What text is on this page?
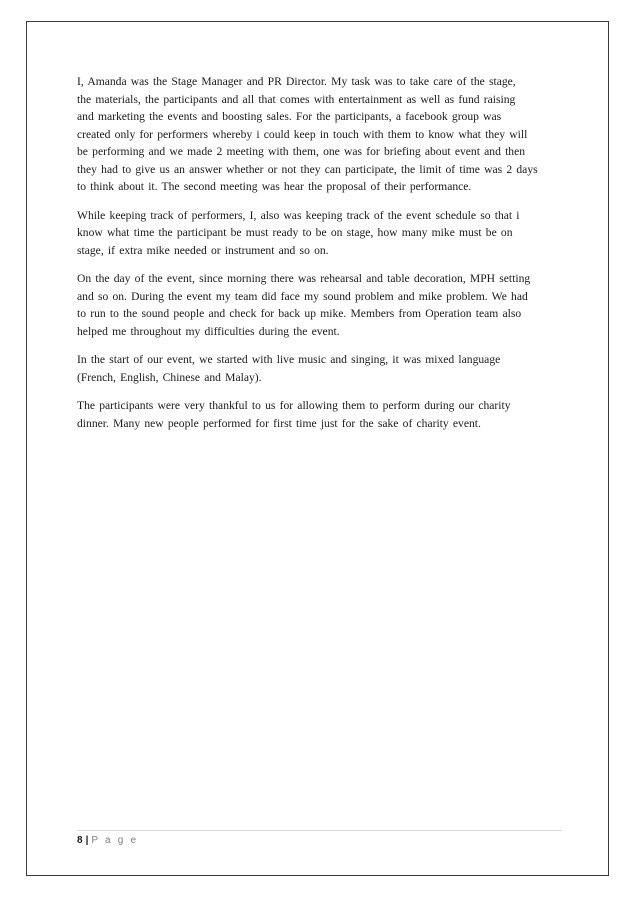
I, Amanda was the Stage Manager and PR Director. My task was to take care of the stage,
the materials, the participants and all that comes with entertainment as well as fund raising
and marketing the events and boosting sales. For the participants, a facebook group was
created only for performers whereby i could keep in touch with them to know what they will
be performing and we made 2 meeting with them, one was for briefing about event and then
they had to give us an answer whether or not they can participate, the limit of time was 2 days
to think about it. The second meeting was hear the proposal of their performance.

While keeping track of performers, I, also was keeping track of the event schedule so that i
know what time the participant be must ready to be on stage, how many mike must be on
stage, if extra mike needed or instrument and so on.

On the day of the event, since morning there was rehearsal and table decoration, MPH setting
and so on. During the event my team did face my sound problem and mike problem. We had
to run to the sound people and check for back up mike. Members from Operation team also
helped me throughout my difficulties during the event.

In the start of our event, we started with live music and singing, it was mixed language
(French, English, Chinese and Malay).

The participants were very thankful to us for allowing them to perform during our charity
dinner. Many new people performed for first time just for the sake of charity event.

8 | P a g e
